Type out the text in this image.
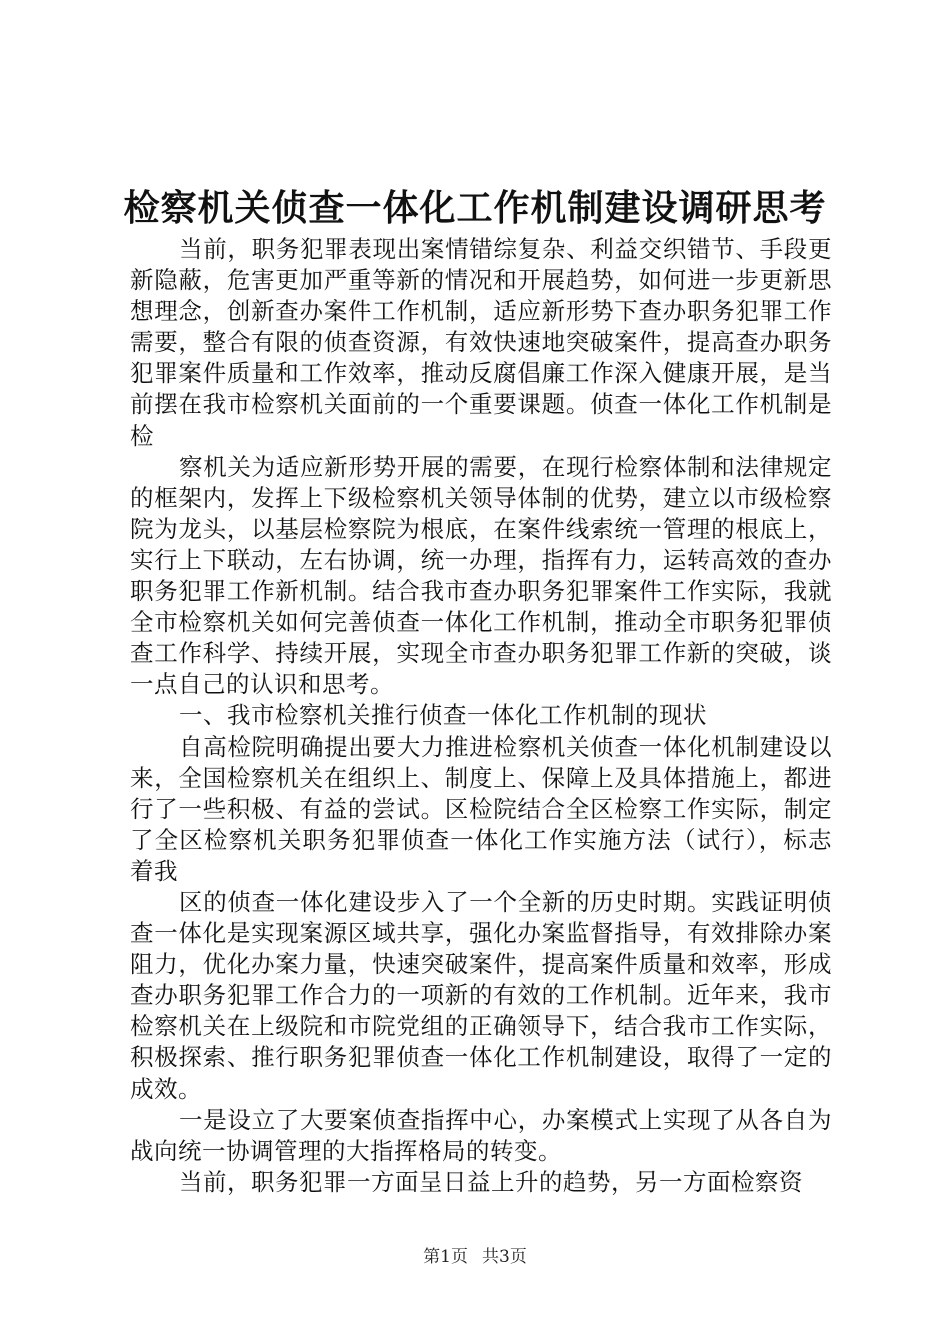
检察机关侦查一体化工作机制建设调研思考

当前，职务犯罪表现出案情错综复杂、利益交织错节、手段更新隐蔽，危害更加严重等新的情况和开展趋势，如何进一步更新思想理念，创新查办案件工作机制，适应新形势下查办职务犯罪工作需要，整合有限的侦查资源，有效快速地突破案件，提高查办职务犯罪案件质量和工作效率，推动反腐倡廉工作深入健康开展，是当前摆在我市检察机关面前的一个重要课题。侦查一体化工作机制是检

察机关为适应新形势开展的需要，在现行检察体制和法律规定的框架内，发挥上下级检察机关领导体制的优势，建立以市级检察院为龙头，以基层检察院为根底，在案件线索统一管理的根底上，实行上下联动，左右协调，统一办理，指挥有力，运转高效的查办职务犯罪工作新机制。结合我市查办职务犯罪案件工作实际，我就全市检察机关如何完善侦查一体化工作机制，推动全市职务犯罪侦查工作科学、持续开展，实现全市查办职务犯罪工作新的突破，谈一点自己的认识和思考。

一、我市检察机关推行侦查一体化工作机制的现状

自高检院明确提出要大力推进检察机关侦查一体化机制建设以来，全国检察机关在组织上、制度上、保障上及具体措施上，都进行了一些积极、有益的尝试。区检院结合全区检察工作实际，制定了全区检察机关职务犯罪侦查一体化工作实施方法（试行），标志着我

区的侦查一体化建设步入了一个全新的历史时期。实践证明侦查一体化是实现案源区域共享，强化办案监督指导，有效排除办案阻力，优化办案力量，快速突破案件，提高案件质量和效率，形成查办职务犯罪工作合力的一项新的有效的工作机制。近年来，我市检察机关在上级院和市院党组的正确领导下，结合我市工作实际，积极探索、推行职务犯罪侦查一体化工作机制建设，取得了一定的成效。

一是设立了大要案侦查指挥中心，办案模式上实现了从各自为战向统一协调管理的大指挥格局的转变。

当前，职务犯罪一方面呈日益上升的趋势，另一方面检察资

第1页 共3页
